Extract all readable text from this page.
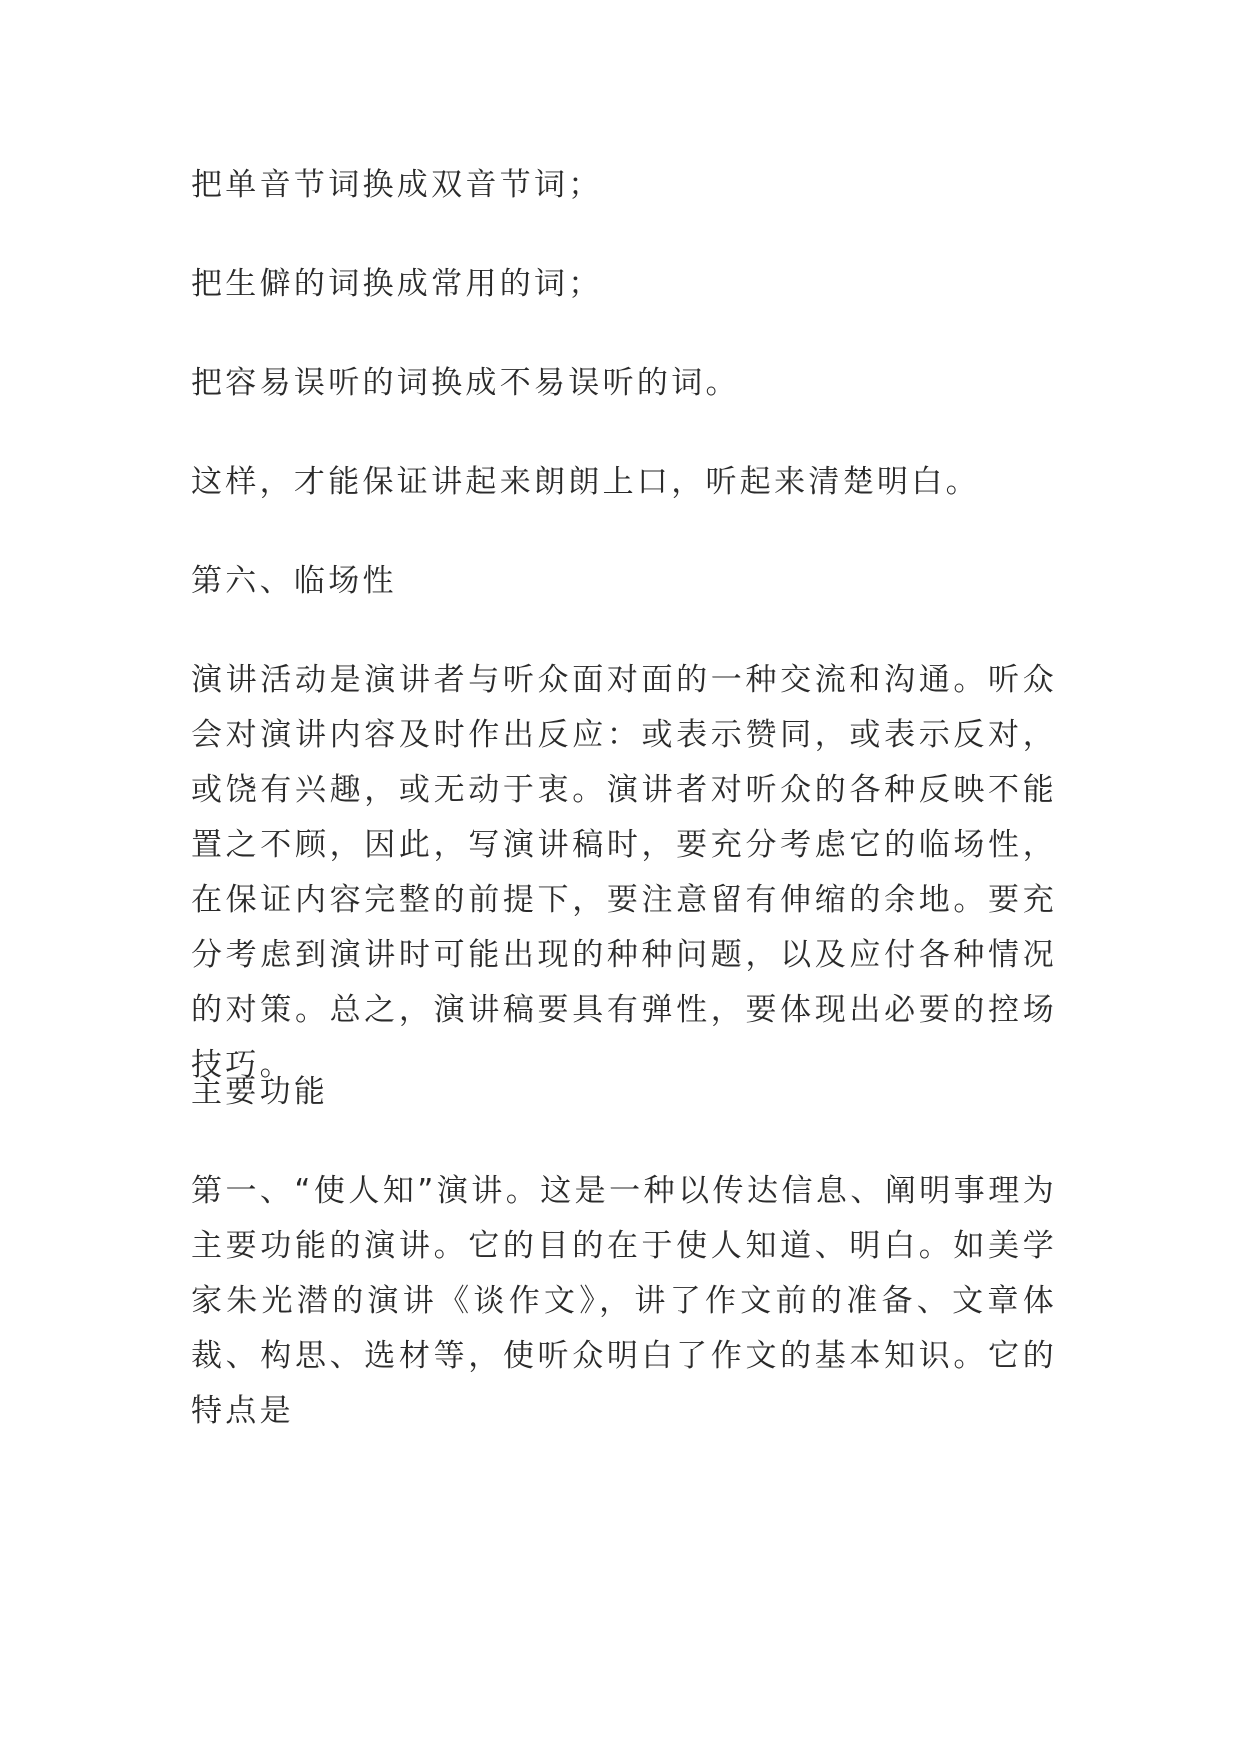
把单音节词换成双音节词；

把生僻的词换成常用的词；

把容易误听的词换成不易误听的词。

这样，才能保证讲起来朗朗上口，听起来清楚明白。

第六、临场性

演讲活动是演讲者与听众面对面的一种交流和沟通。听众会对演讲内容及时作出反应：或表示赞同，或表示反对，或饶有兴趣，或无动于衷。演讲者对听众的各种反映不能置之不顾，因此，写演讲稿时，要充分考虑它的临场性，在保证内容完整的前提下，要注意留有伸缩的余地。要充分考虑到演讲时可能出现的种种问题，以及应付各种情况的对策。总之，演讲稿要具有弹性，要体现出必要的控场技巧。

主要功能

第一、“使人知”演讲。这是一种以传达信息、阐明事理为主要功能的演讲。它的目的在于使人知道、明白。如美学家朱光潜的演讲《谈作文》，讲了作文前的准备、文章体裁、构思、选材等，使听众明白了作文的基本知识。它的特点是
